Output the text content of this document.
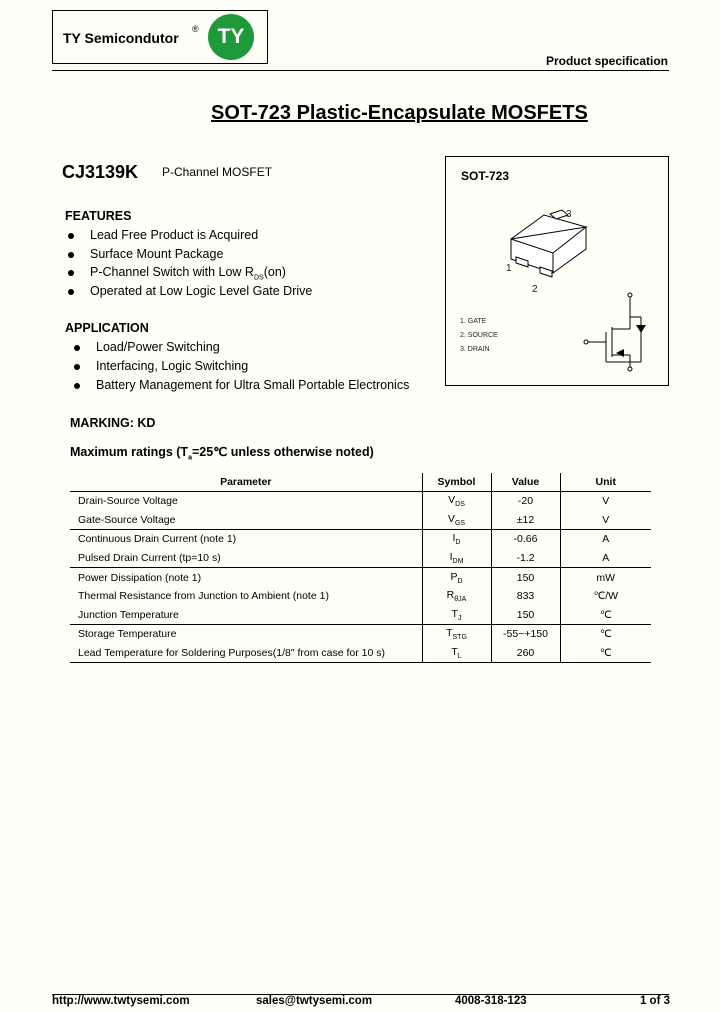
TY Semicondutor
® TY
Product specification
SOT-723 Plastic-Encapsulate MOSFETS
CJ3139K P-Channel MOSFET
FEATURES
Lead Free Product is Acquired
Surface Mount Package
P-Channel Switch with Low $R_{DS}(on)$
Operated at Low Logic Level Gate Drive
APPLICATION
Load/Power Switching
Interfacing, Logic Switching
Battery Management for Ultra Small Portable Electronics
MARKING: KD
Maximum ratings ($T_a=25℃$ unless otherwise noted)
SOT-723
3
1
2
1. GATE
2. SOURCE
3. DRAIN
Parameter	Symbol	Value	Unit
Drain-Source Voltage	$V_{DS}$	-20	V
Gate-Source Voltage	$V_{GS}$	±12	V
Continuous Drain Current (note 1)	$I_D$	-0.66	A
Pulsed Drain Current (tp=10 s)	$I_{DM}$	-1.2	A
Power Dissipation (note 1)	$P_D$	150	mW
Thermal Resistance from Junction to Ambient (note 1)	$R_{\theta JA}$	833	℃/W
Junction Temperature	$T_J$	150	℃
Storage Temperature	$T_{STG}$	-55~+150	℃
Lead Temperature for Soldering Purposes(1/8" from case for 10 s)	$T_L$	260	℃
http://www.twtysemi.com	sales@twtysemi.com	4008-318-123	1 of 3
